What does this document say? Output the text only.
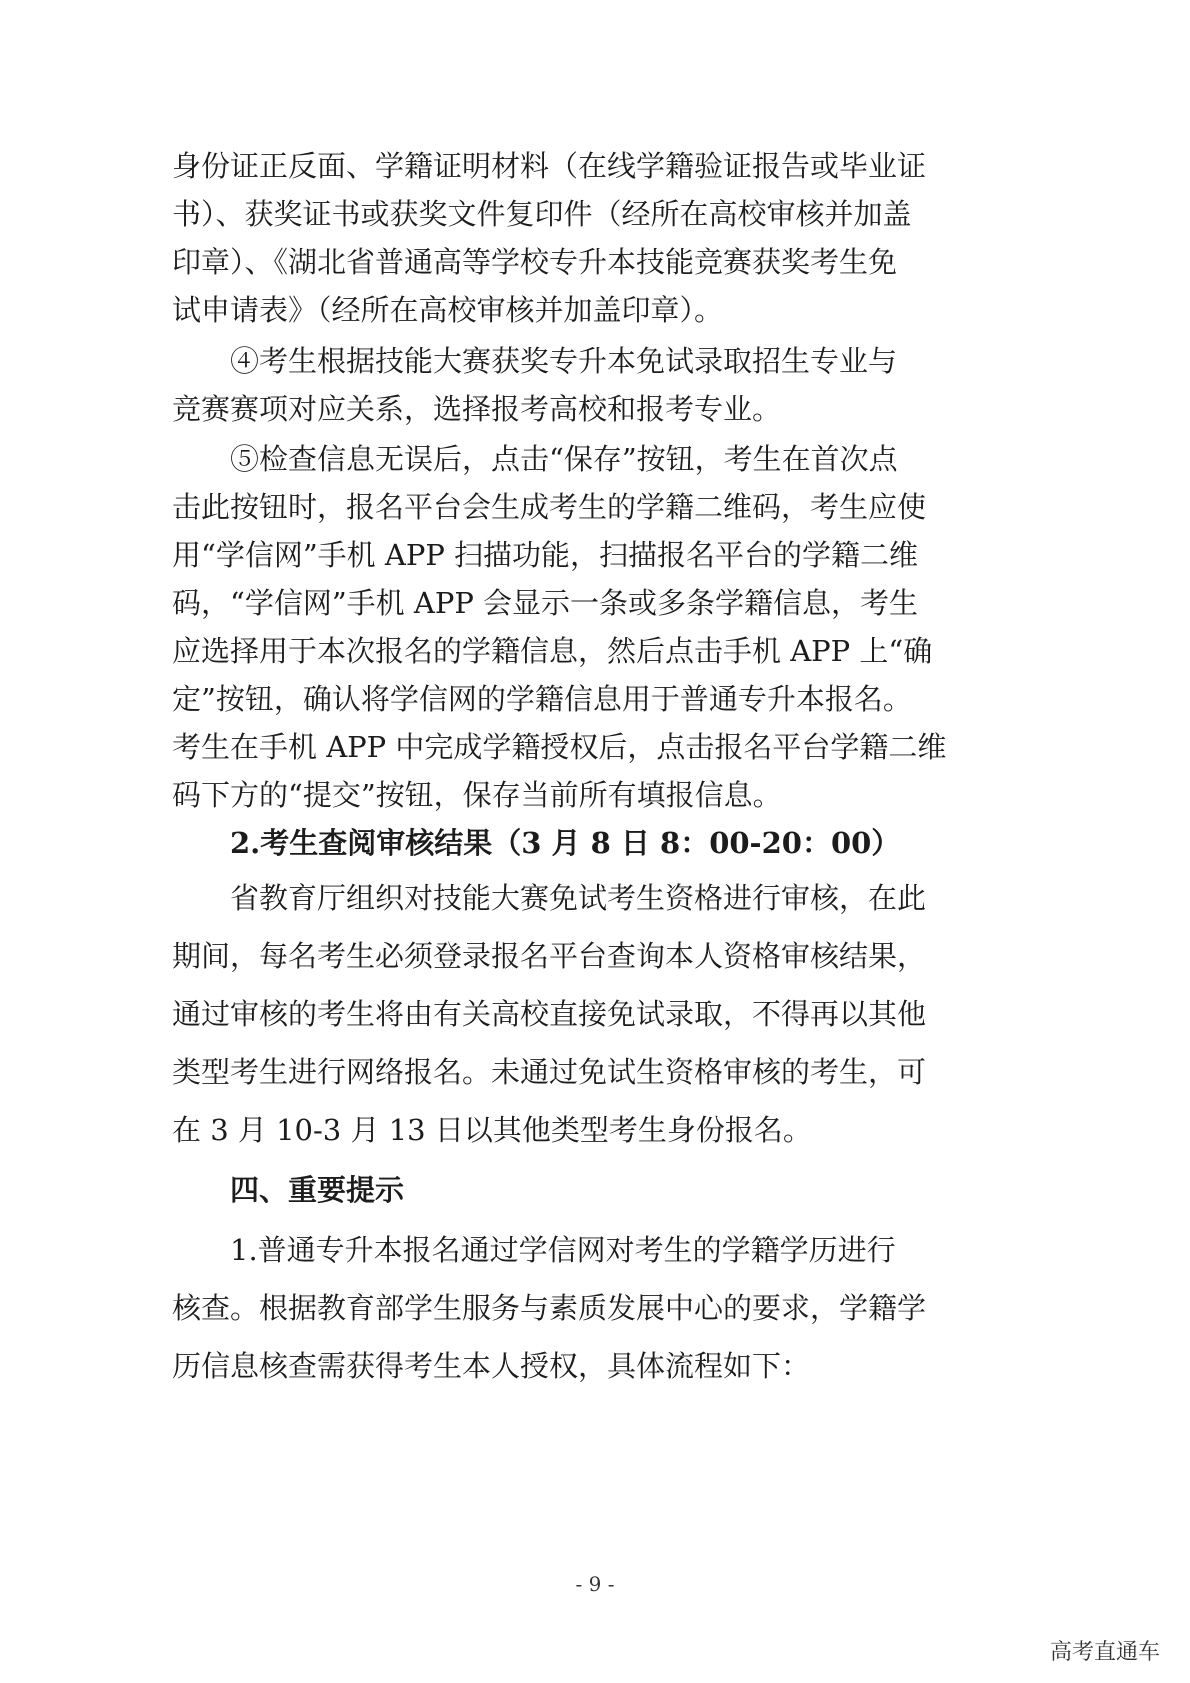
身份证正反面、学籍证明材料（在线学籍验证报告或毕业证
书）、获奖证书或获奖文件复印件（经所在高校审核并加盖
印章）、《湖北省普通高等学校专升本技能竞赛获奖考生免
试申请表》（经所在高校审核并加盖印章）。
④考生根据技能大赛获奖专升本免试录取招生专业与
竞赛赛项对应关系，选择报考高校和报考专业。
⑤检查信息无误后，点击“保存”按钮，考生在首次点
击此按钮时，报名平台会生成考生的学籍二维码，考生应使
用“学信网”手机 APP 扫描功能，扫描报名平台的学籍二维
码，“学信网”手机 APP 会显示一条或多条学籍信息，考生
应选择用于本次报名的学籍信息，然后点击手机 APP 上“确
定”按钮，确认将学信网的学籍信息用于普通专升本报名。
考生在手机 APP 中完成学籍授权后，点击报名平台学籍二维
码下方的“提交”按钮，保存当前所有填报信息。
2.考生查阅审核结果（3 月 8 日 8：00-20：00）
省教育厅组织对技能大赛免试考生资格进行审核，在此
期间，每名考生必须登录报名平台查询本人资格审核结果，
通过审核的考生将由有关高校直接免试录取，不得再以其他
类型考生进行网络报名。未通过免试生资格审核的考生，可
在 3 月 10-3 月 13 日以其他类型考生身份报名。
四、重要提示
1.普通专升本报名通过学信网对考生的学籍学历进行
核查。根据教育部学生服务与素质发展中心的要求，学籍学
历信息核查需获得考生本人授权，具体流程如下：
- 9 -
高考直通车
